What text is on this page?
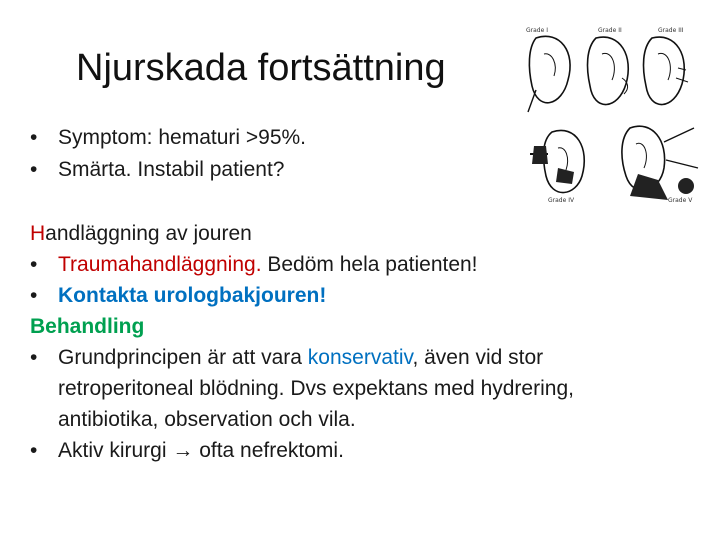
Njurskada fortsättning
Grade I	Grade II	Grade III
Grade IV	Grade V
• Symptom: hematuri >95%.
• Smärta. Instabil patient?
Handläggning av jouren
• Traumahandläggning. Bedöm hela patienten!
• Kontakta urologbakjouren!
Behandling
• Grundprincipen är att vara konservativ, även vid stor
retroperitoneal blödning. Dvs expektans med hydrering,
antibiotika, observation och vila.
• Aktiv kirurgi → ofta nefrektomi.
